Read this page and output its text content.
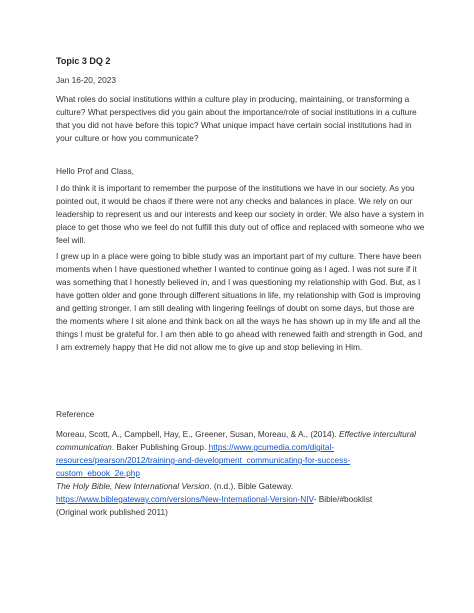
Topic 3 DQ 2
Jan 16-20, 2023

What roles do social institutions within a culture play in producing, maintaining, or transforming a culture? What perspectives did you gain about the importance/role of social institutions in a culture that you did not have before this topic? What unique impact have certain social institutions had in your culture or how you communicate?

Hello Prof and Class,

I do think it is important to remember the purpose of the institutions we have in our society. As you pointed out, it would be chaos if there were not any checks and balances in place. We rely on our leadership to represent us and our interests and keep our society in order. We also have a system in place to get those who we feel do not fulfill this duty out of office and replaced with someone who we feel will.

I grew up in a place were going to bible study was an important part of my culture. There have been moments when I have questioned whether I wanted to continue going as I aged. I was not sure if it was something that I honestly believed in, and I was questioning my relationship with God. But, as I have gotten older and gone through different situations in life, my relationship with God is improving and getting stronger. I am still dealing with lingering feelings of doubt on some days, but those are the moments where I sit alone and think back on all the ways he has shown up in my life and all the things I must be grateful for. I am then able to go ahead with renewed faith and strength in God, and I am extremely happy that He did not allow me to give up and stop believing in Him.

Reference

Moreau, Scott, A., Campbell, Hay, E., Greener, Susan, Moreau, & A., (2014). Effective intercultural communication. Baker Publishing Group. https://www.gcumedia.com/digital-resources/pearson/2012/training-and-development_communicating-for-success-custom_ebook_2e.php

The Holy Bible, New International Version. (n.d.). Bible Gateway.
https://www.biblegateway.com/versions/New-International-Version-NIV- Bible/#booklist
(Original work published 2011)
